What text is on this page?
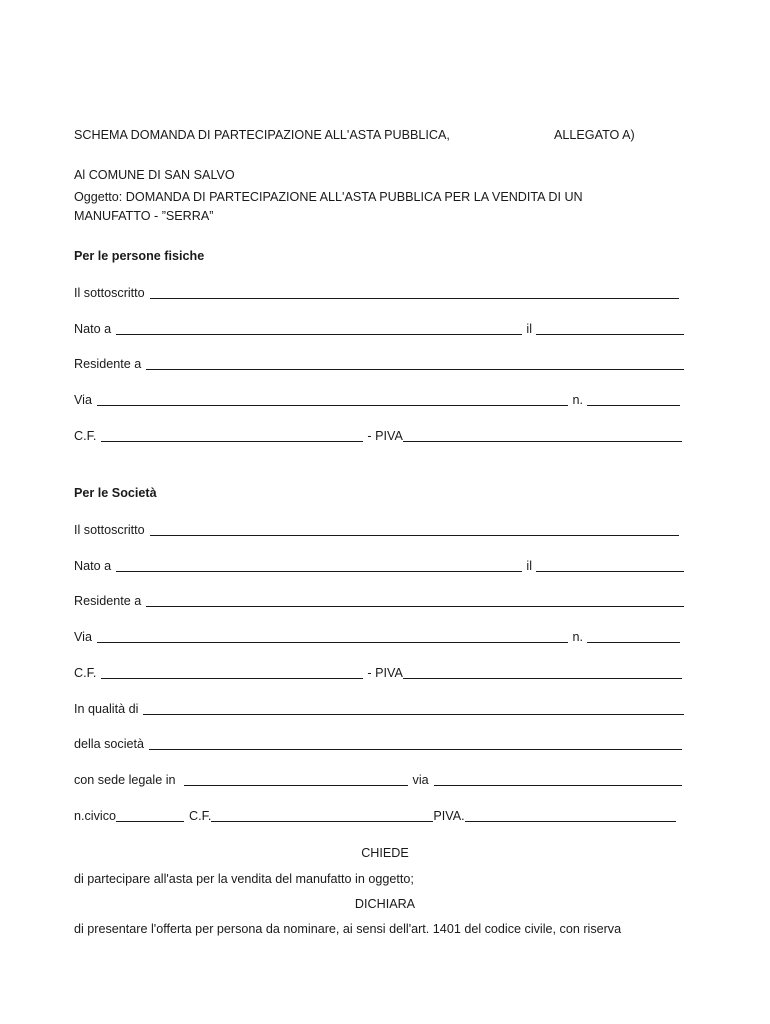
SCHEMA DOMANDA DI PARTECIPAZIONE ALL'ASTA PUBBLICA,	ALLEGATO A)
Al COMUNE DI SAN SALVO
Oggetto: DOMANDA DI PARTECIPAZIONE ALL'ASTA PUBBLICA PER LA VENDITA DI UN
MANUFATTO - ”SERRA”
Per le persone fisiche
Il sottoscritto
Nato a	il
Residente a
Via	n.
C.F.	- PIVA
Per le Società
Il sottoscritto
Nato a	il
Residente a
Via	n.
C.F.	- PIVA
In qualità di
della società
con sede legale in	via
n.civico	C.F.	PIVA.
CHIEDE
di partecipare all'asta per la vendita del manufatto in oggetto;
DICHIARA
di presentare l'offerta per persona da nominare, ai sensi dell'art. 1401 del codice civile, con riserva
